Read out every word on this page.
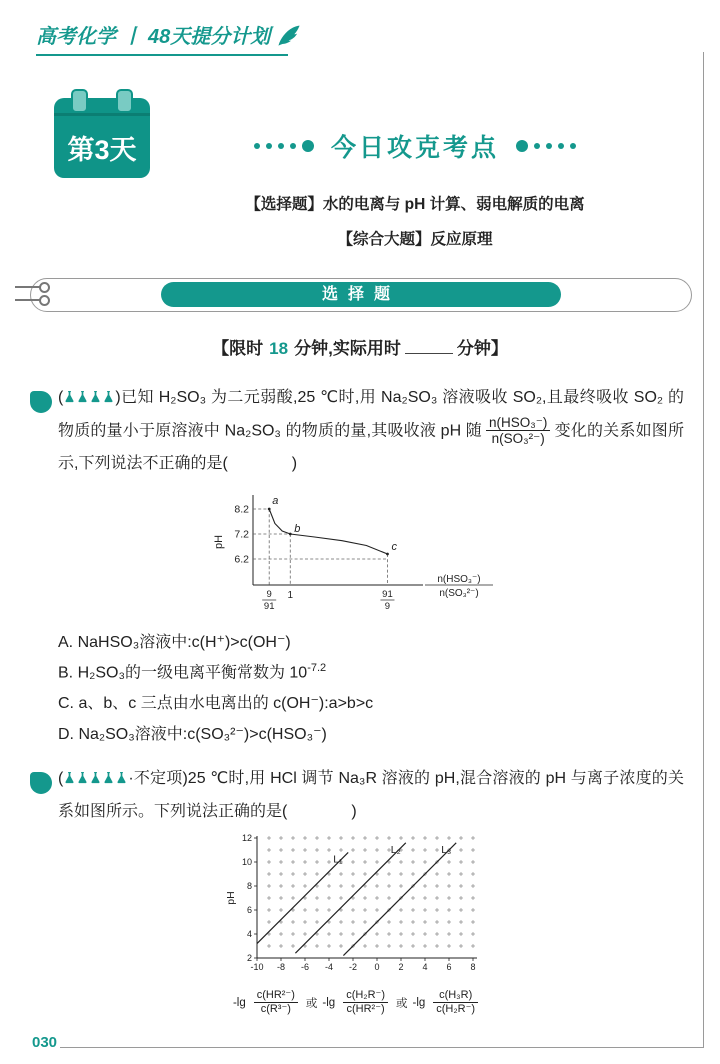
高考化学 丨 48天提分计划
第3天	今日攻克考点

【选择题】水的电离与 pH 计算、弱电解质的电离

【综合大题】反应原理

选择题
【限时 18 分钟,实际用时	分钟】

1 (	)已知 H₂SO₃ 为二元弱酸,25 ℃时,用 Na₂SO₃ 溶液吸收 SO₂,且最终吸收 SO₂ 的物质的量小于原溶液中 Na₂SO₃ 的物质的量,其吸收液 pH 随 $\frac{\text{n(HSO₃⁻)}}{\text{n(SO₃²⁻)}}$ 变化的关系如图所示,下列说法不正确的是(　　　　)

pH
8.2
7.2
6.2
a
b
c
9
91
1	91
9
n(HSO₃⁻)
n(SO₃²⁻)
A. NaHSO₃溶液中:c(H⁺)>c(OH⁻)
B. H₂SO₃的一级电离平衡常数为 $10^{-7.2}$
C. a、b、c 三点由水电离出的 c(OH⁻):a>b>c
D. Na₂SO₃溶液中:c(SO₃²⁻)>c(HSO₃⁻)

2 (	·不定项)25 ℃时,用 HCl 调节 Na₃R 溶液的 pH,混合溶液的 pH 与离子浓度的关系如图所示。下列说法正确的是(　　　　)

pH
2
4
6
8
10
12
-10 -8 -6 -4 -2 0 2 4 6 8
L₁
L₂	L₃
$-\lg \frac{\text{c(HR²⁻)}}{\text{c(R³⁻)}}$ 或 $-\lg \frac{\text{c(H₂R⁻)}}{\text{c(HR²⁻)}}$ 或 $-\lg \frac{\text{c(H₃R)}}{\text{c(H₂R⁻)}}$
030
